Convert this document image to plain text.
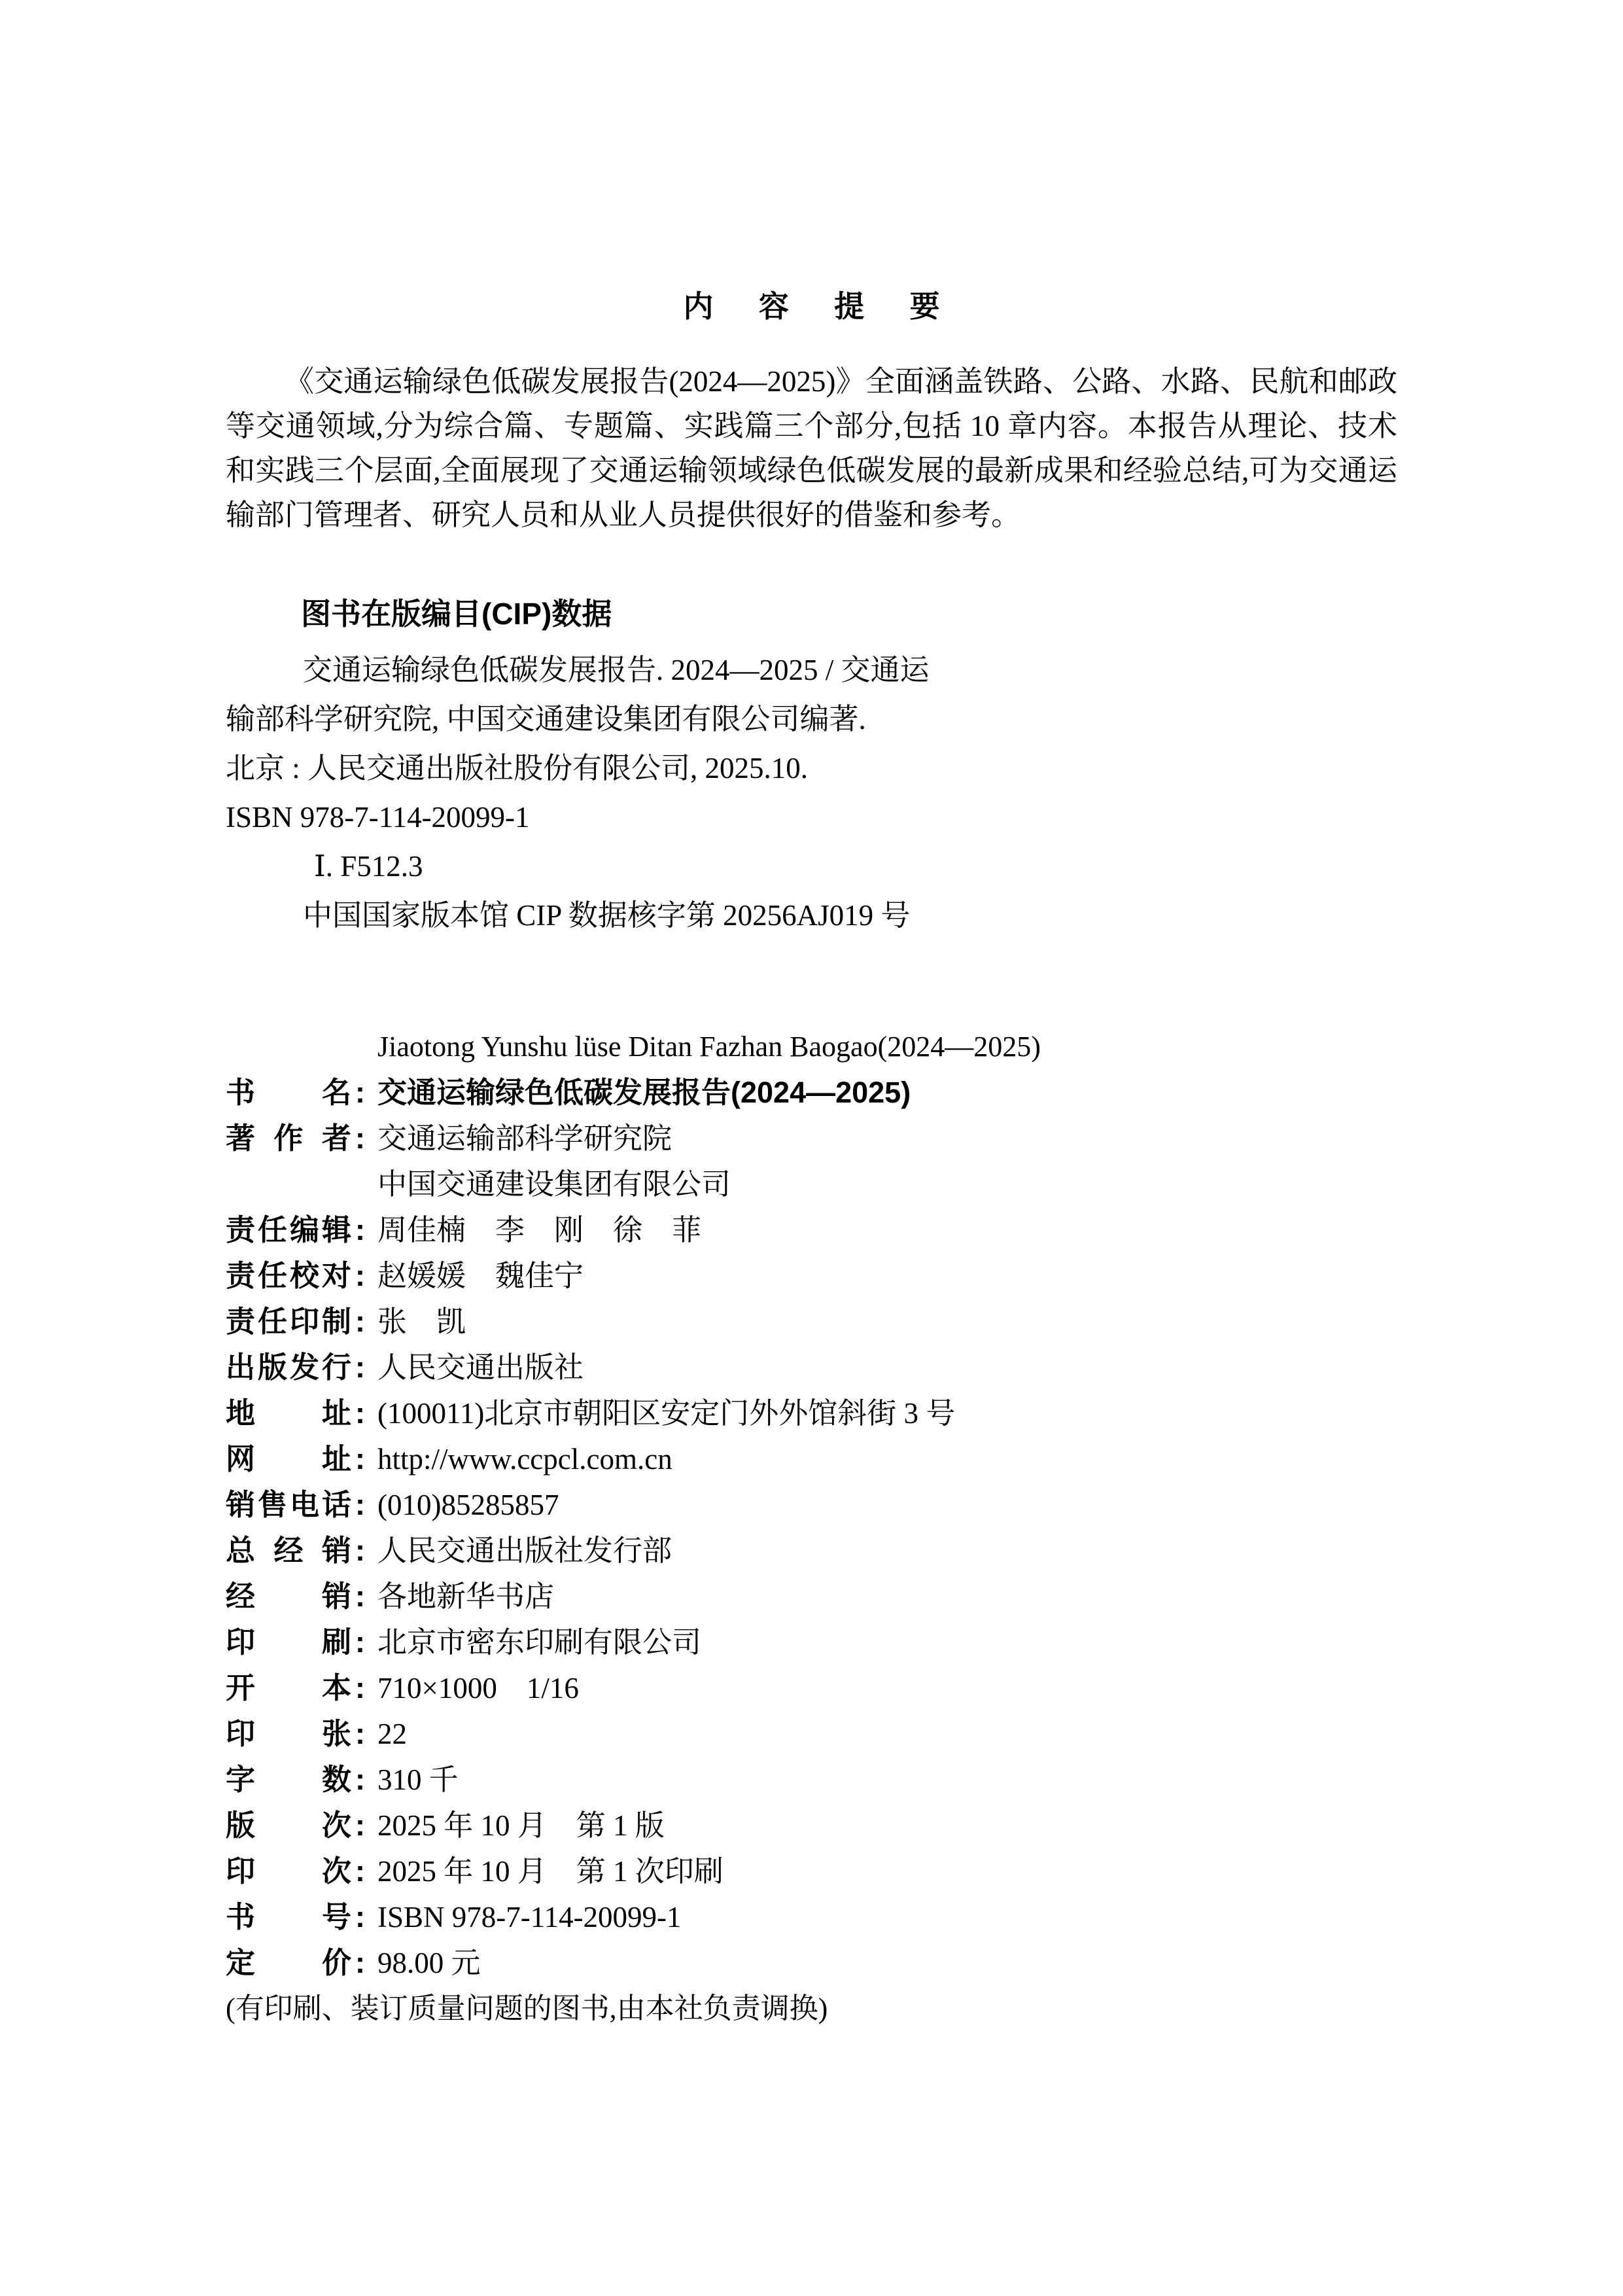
内 容 提 要

《交通运输绿色低碳发展报告(2024—2025)》全面涵盖铁路、公路、水路、民航和邮政等交通领域,分为综合篇、专题篇、实践篇三个部分,包括 10 章内容。本报告从理论、技术和实践三个层面,全面展现了交通运输领域绿色低碳发展的最新成果和经验总结,可为交通运输部门管理者、研究人员和从业人员提供很好的借鉴和参考。

图书在版编目(CIP)数据
交通运输绿色低碳发展报告. 2024—2025 / 交通运
输部科学研究院, 中国交通建设集团有限公司编著.
北京 : 人民交通出版社股份有限公司, 2025.10.
ISBN 978-7-114-20099-1
Ⅰ. F512.3
中国国家版本馆 CIP 数据核字第 20256AJ019 号
Jiaotong Yunshu lüse Ditan Fazhan Baogao(2024—2025)
书 名 : 交通运输绿色低碳发展报告(2024—2025)
著 作 者 : 交通运输部科学研究院
中国交通建设集团有限公司
责 任 编 辑 : 周佳楠　李　刚　徐　菲
责 任 校 对 : 赵媛媛　魏佳宁
责 任 印 制 : 张　凯
出 版 发 行 : 人民交通出版社
地 址 : (100011)北京市朝阳区安定门外外馆斜街 3 号
网 址 : http://www.ccpcl.com.cn
销 售 电 话 : (010)85285857
总 经 销 : 人民交通出版社发行部
经 销 : 各地新华书店
印 刷 : 北京市密东印刷有限公司
开 本 : 710×1000　1/16
印 张 : 22
字 数 : 310 千
版 次 : 2025 年 10 月　第 1 版
印 次 : 2025 年 10 月　第 1 次印刷
书 号 : ISBN 978-7-114-20099-1
定 价 : 98.00 元
(有印刷、装订质量问题的图书,由本社负责调换)
